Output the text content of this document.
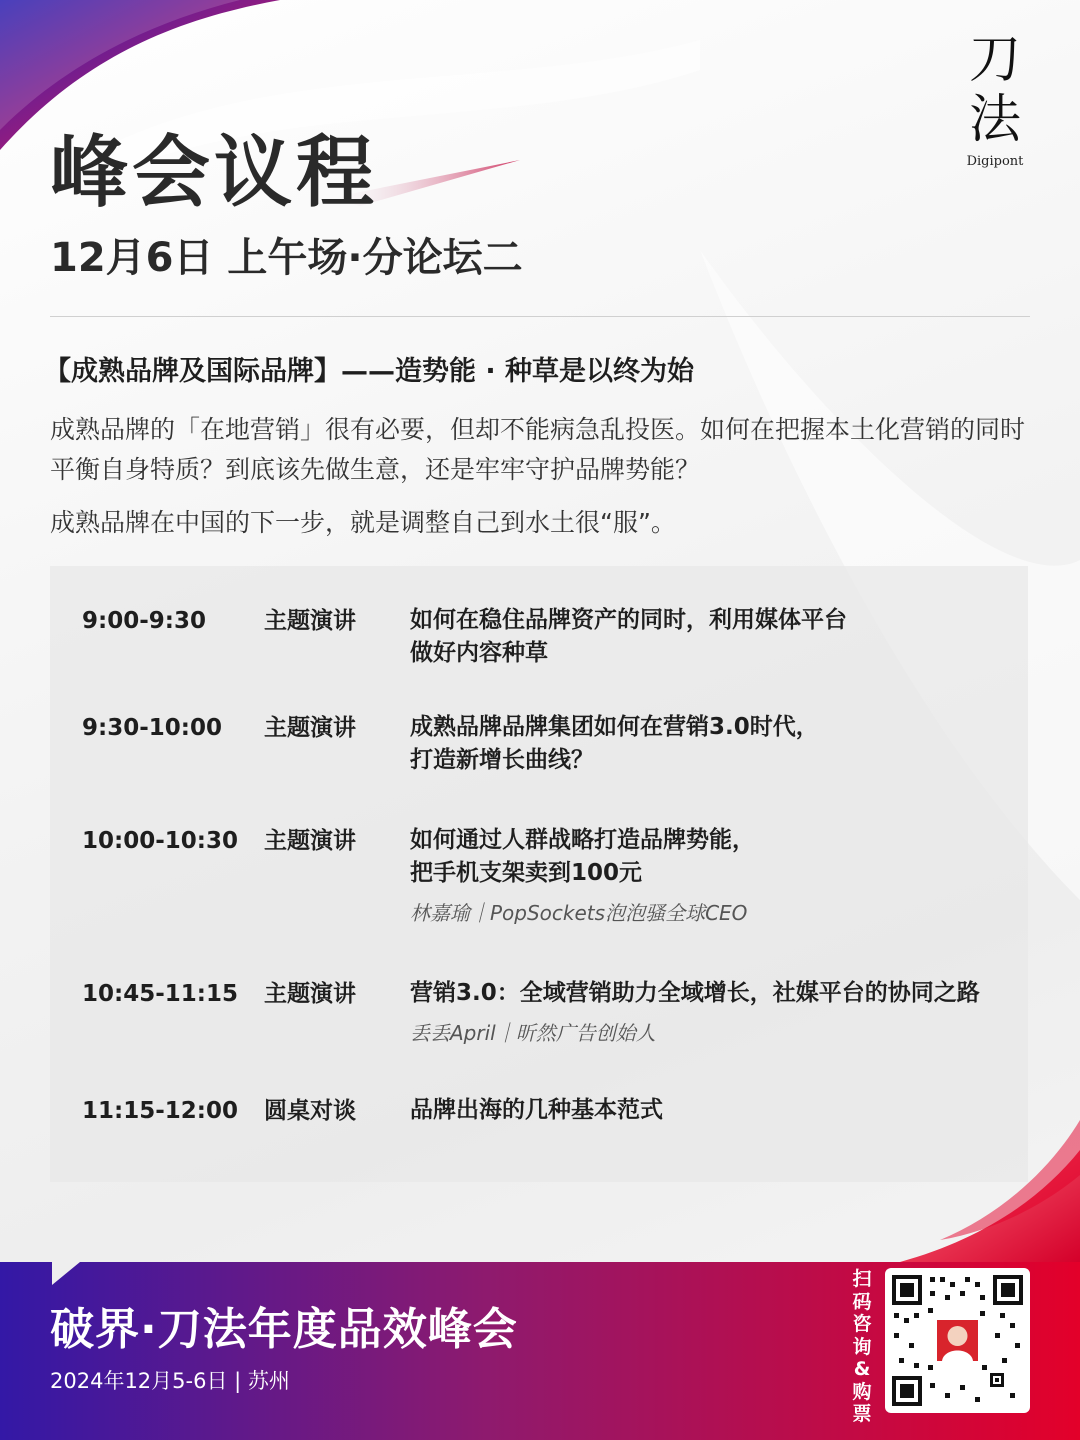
刀
法
Digipont
峰会议程
12月6日 上午场·分论坛二
【成熟品牌及国际品牌】——造势能 · 种草是以终为始

成熟品牌的「在地营销」很有必要，但却不能病急乱投医。如何在把握本土化营销的同时平衡自身特质？到底该先做生意，还是牢牢守护品牌势能？

成熟品牌在中国的下一步，就是调整自己到水土很“服”。

9:00-9:30	主题演讲 如何在稳住品牌资产的同时，利用媒体平台
做好内容种草
9:30-10:00 主题演讲 成熟品牌品牌集团如何在营销3.0时代，
打造新增长曲线？
10:00-10:30 主题演讲 如何通过人群战略打造品牌势能，
把手机支架卖到100元
林嘉瑜｜PopSockets泡泡骚全球CEO
10:45-11:15 主题演讲 营销3.0：全域营销助力全域增长，社媒平台的协同之路
丢丢April｜昕然广告创始人
11:15-12:00 圆桌对谈 品牌出海的几种基本范式
破界·刀法年度品效峰会
2024年12月5-6日 | 苏州
扫码咨询&购票
